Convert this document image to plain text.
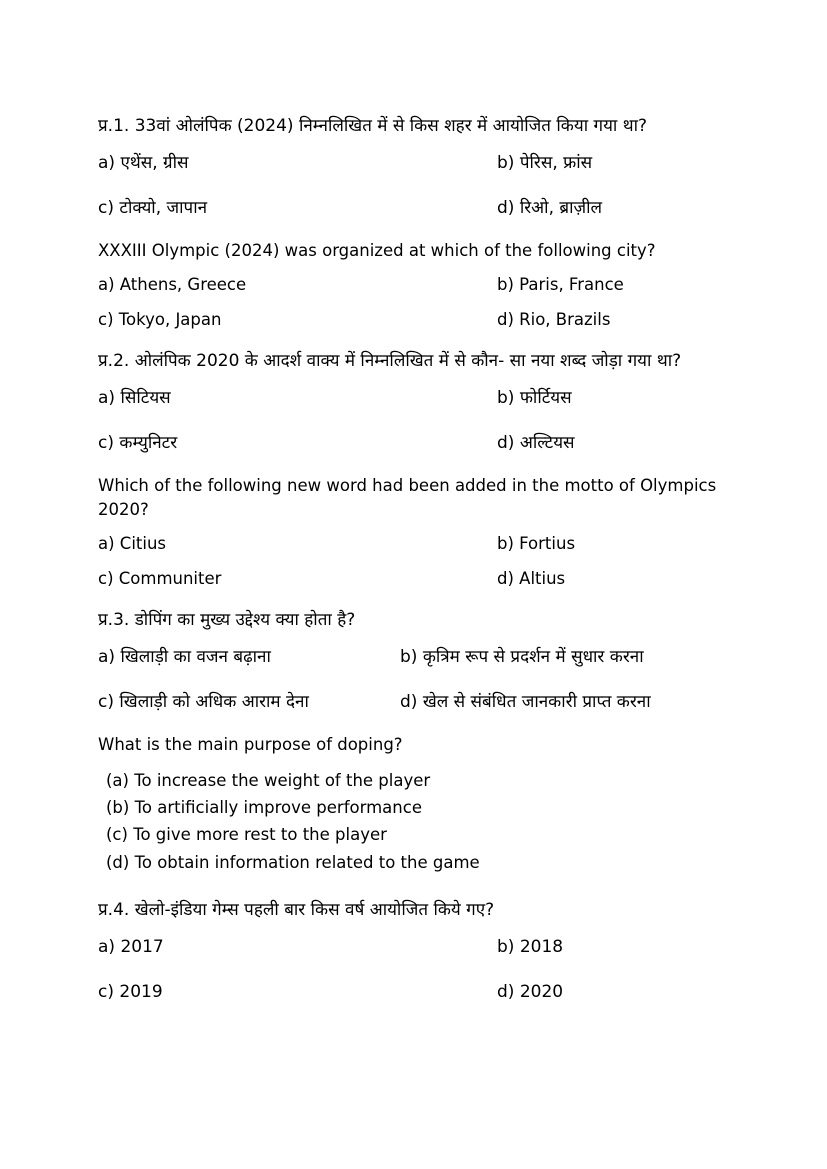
प्र.1. 33वां ओलंपिक (2024) निम्नलिखित में से किस शहर में आयोजित किया गया था?

a) एथेंस, ग्रीस	b) पेरिस, फ्रांस
c) टोक्यो, जापान	d) रिओ, ब्राज़ील

XXXIII Olympic (2024) was organized at which of the following city?

a) Athens, Greece	b) Paris, France
c) Tokyo, Japan	d) Rio, Brazils

प्र.2. ओलंपिक 2020 के आदर्श वाक्य में निम्नलिखित में से कौन- सा नया शब्द जोड़ा गया था?

a) सिटियस	b) फोर्टियस
c) कम्युनिटर	d) अल्टियस

Which of the following new word had been added in the motto of Olympics 2020?

a) Citius	b) Fortius
c) Communiter	d) Altius

प्र.3. डोपिंग का मुख्य उद्देश्य क्या होता है?

a) खिलाड़ी का वजन बढ़ाना	b) कृत्रिम रूप से प्रदर्शन में सुधार करना
c) खिलाड़ी को अधिक आराम देना	d) खेल से संबंधित जानकारी प्राप्त करना

What is the main purpose of doping?

(a) To increase the weight of the player

(b) To artificially improve performance

(c) To give more rest to the player

(d) To obtain information related to the game

प्र.4. खेलो-इंडिया गेम्स पहली बार किस वर्ष आयोजित किये गए?

a) 2017	b) 2018
c) 2019	d) 2020
